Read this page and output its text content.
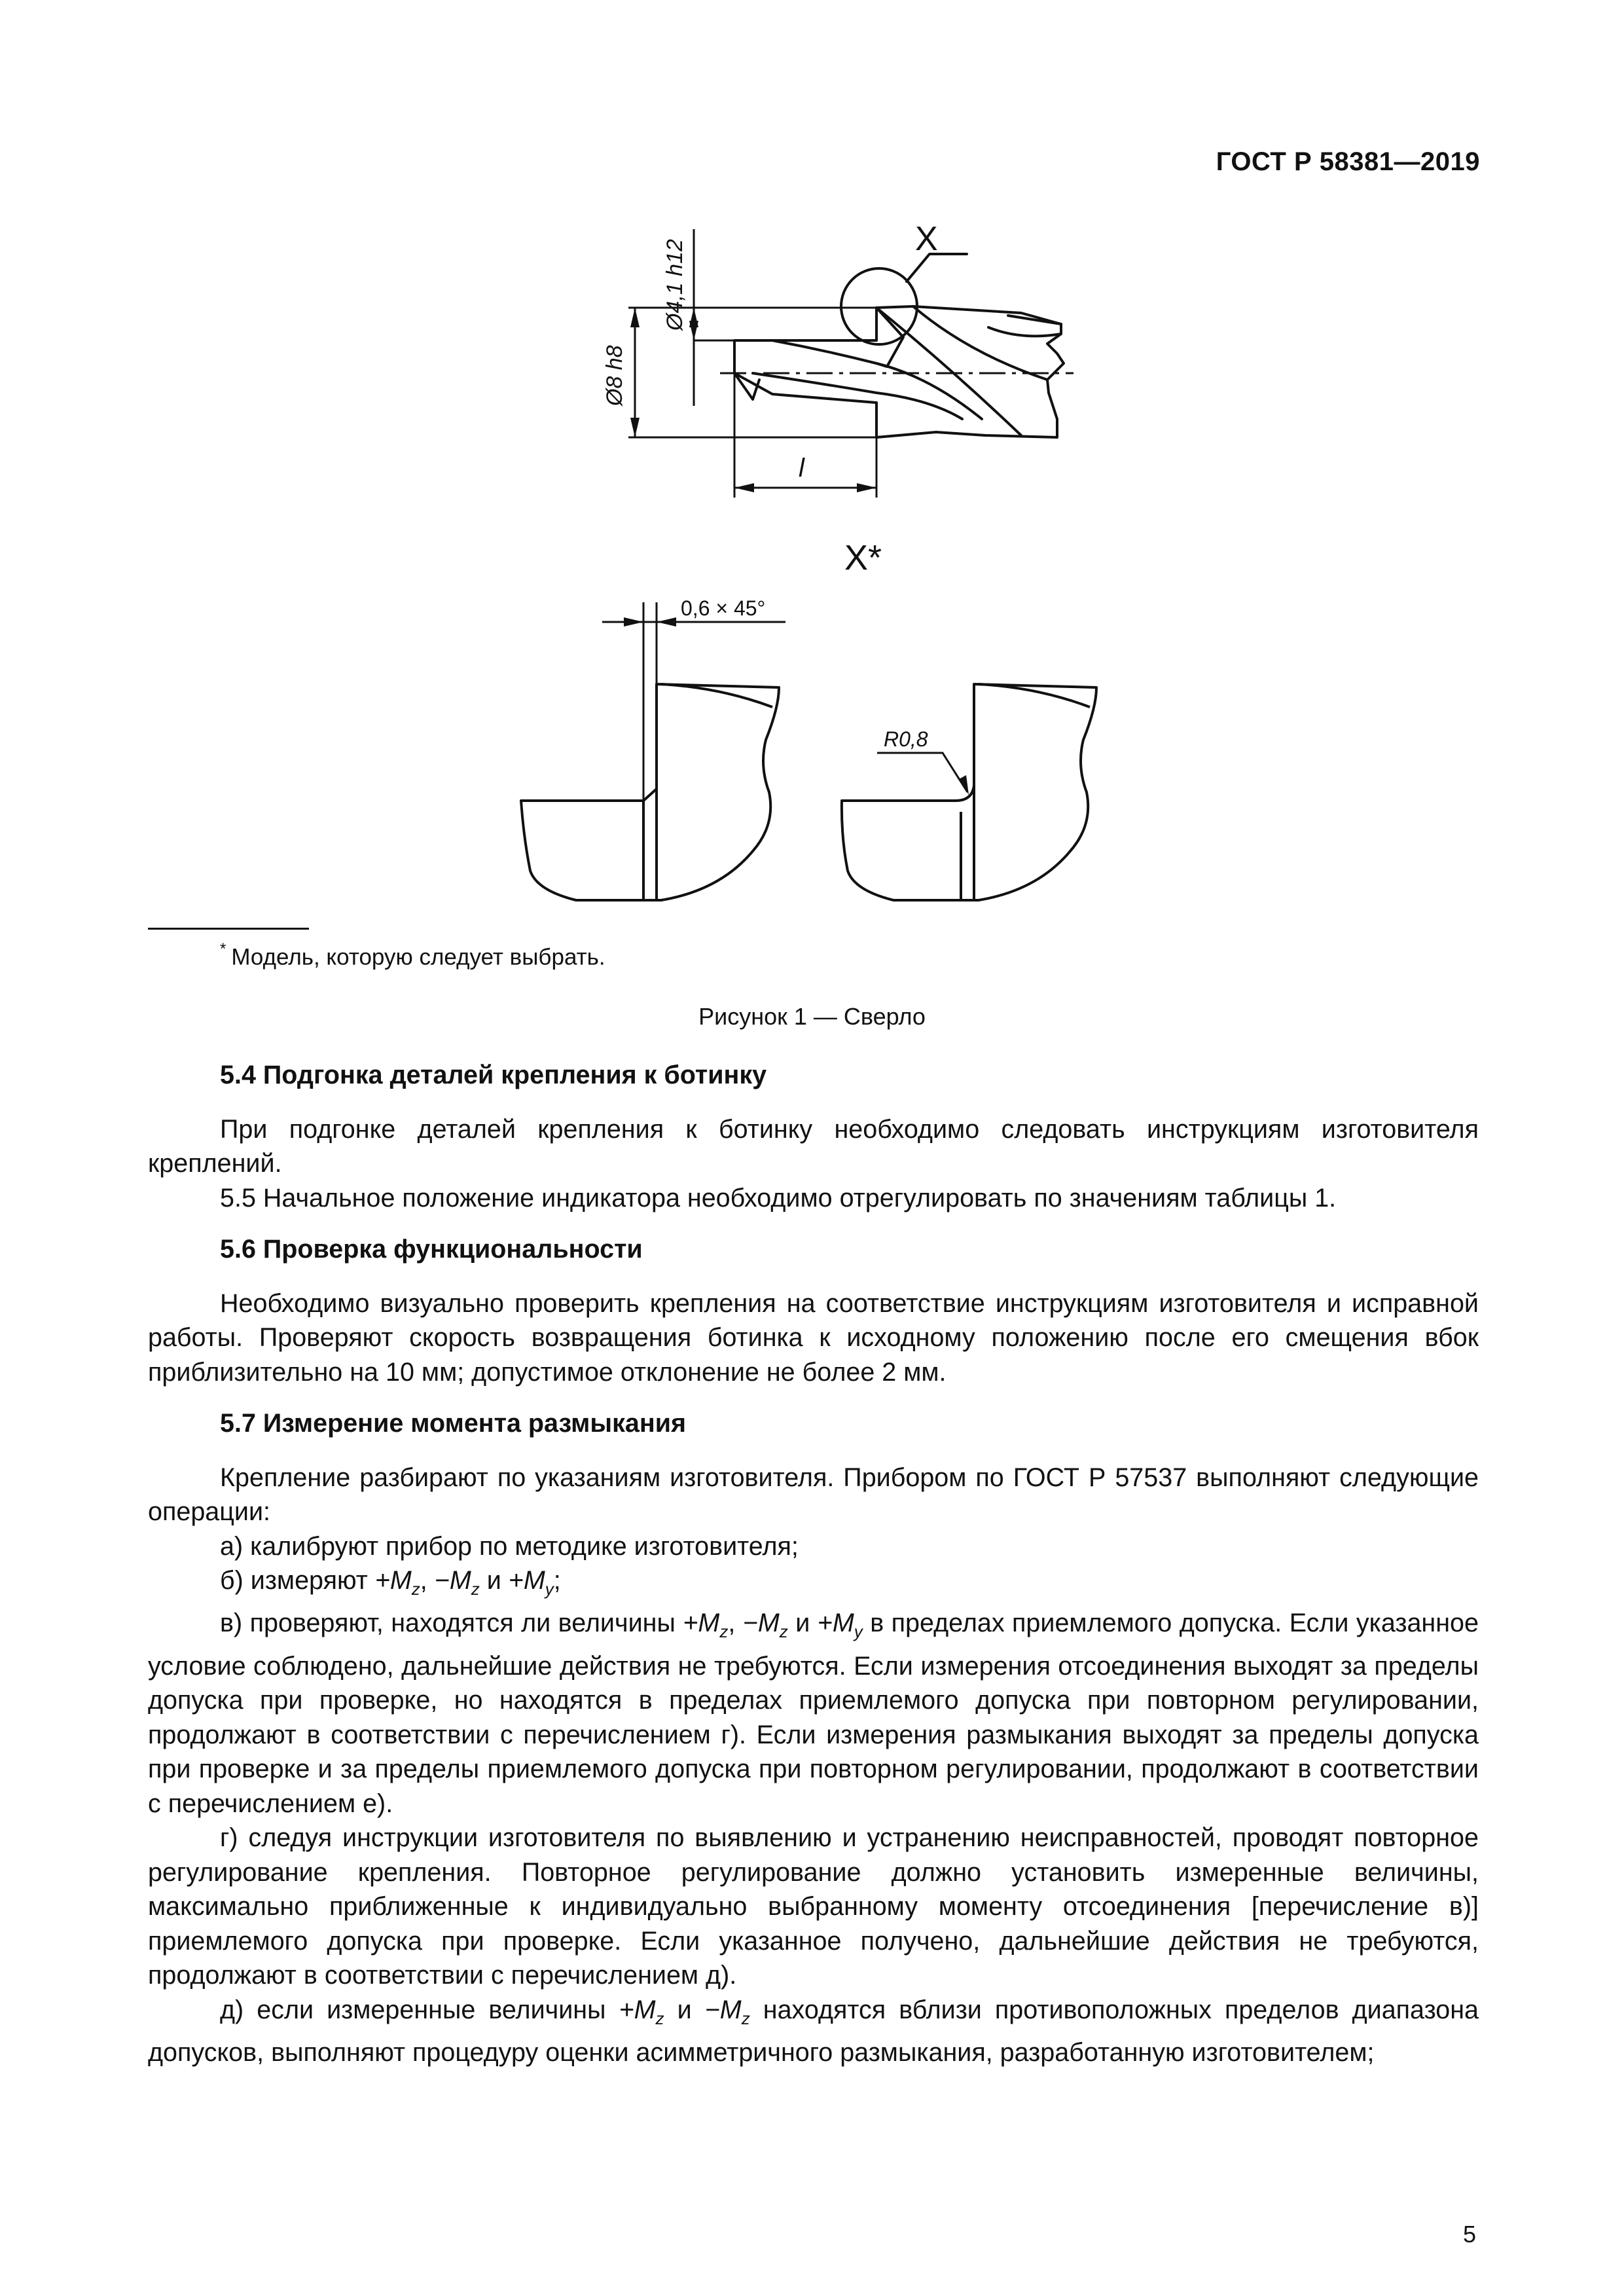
ГОСТ Р 58381—2019
X
Ø4,1 h12
Ø8 h8
l
X*
0,6 × 45°
R0,8
* Модель, которую следует выбрать.
Рисунок 1 — Сверло
5.4 Подгонка деталей крепления к ботинку

При подгонке деталей крепления к ботинку необходимо следовать инструкциям изготовителя креплений.

5.5 Начальное положение индикатора необходимо отрегулировать по значениям таблицы 1.

5.6 Проверка функциональности

Необходимо визуально проверить крепления на соответствие инструкциям изготовителя и исправной работы. Проверяют скорость возвращения ботинка к исходному положению после его смещения вбок приблизительно на 10 мм; допустимое отклонение не более 2 мм.

5.7 Измерение момента размыкания

Крепление разбирают по указаниям изготовителя. Прибором по ГОСТ Р 57537 выполняют следующие операции:

а) калибруют прибор по методике изготовителя;

б) измеряют $+M_z$, $-M_z$ $и +M_y$;

в) проверяют, находятся ли величины $+M_z$, $-M_z$ $и +M_y$ в пределах приемлемого допуска. Если указанное условие соблюдено, дальнейшие действия не требуются. Если измерения отсоединения выходят за пределы допуска при проверке, но находятся в пределах приемлемого допуска при повторном регулировании, продолжают в соответствии с перечислением г). Если измерения размыкания выходят за пределы допуска при проверке и за пределы приемлемого допуска при повторном регулировании, продолжают в соответствии с перечислением е).

г) следуя инструкции изготовителя по выявлению и устранению неисправностей, проводят повторное регулирование крепления. Повторное регулирование должно установить измеренные величины, максимально приближенные к индивидуально выбранному моменту отсоединения [перечисление в)] приемлемого допуска при проверке. Если указанное получено, дальнейшие действия не требуются, продолжают в соответствии с перечислением д).

д) если измеренные величины $+M_z$ $и -M_z$ находятся вблизи противоположных пределов диапазона допусков, выполняют процедуру оценки асимметричного размыкания, разработанную изготовителем;

5
